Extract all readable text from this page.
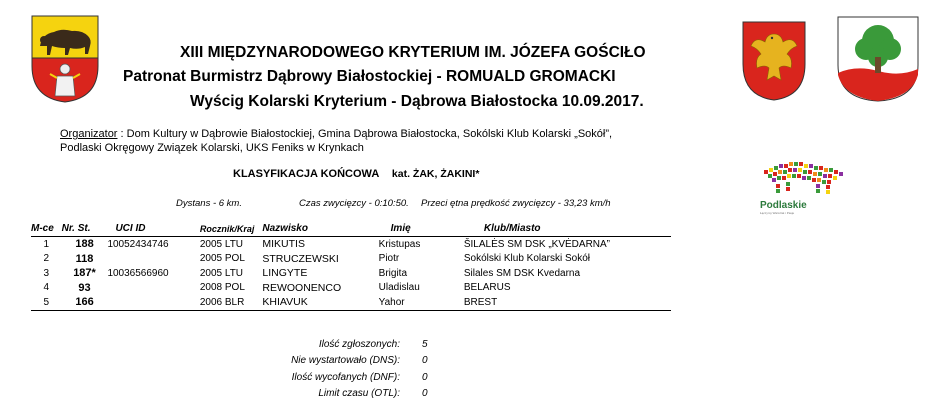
Podlaskie
Łączymy Warsztat i Pasje
XIII MIĘDZYNARODOWEGO KRYTERIUM IM. JÓZEFA GOŚCIŁO
Patronat Burmistrz Dąbrowy Białostockiej - ROMUALD GROMACKI
Wyścig Kolarski Kryterium - Dąbrowa Białostocka 10.09.2017.
Organizator : Dom Kultury w Dąbrowie Białostockiej, Gmina Dąbrowa Białostocka, Sokólski Klub Kolarski „Sokół”,
Podlaski Okręgowy Związek Kolarski, UKS Feniks w Krynkach
KLASYFIKACJA KOŃCOWA kat. ŻAK, ŻAKINI*
Dystans - 6 km.	Czas zwycięzcy - 0:10:50. Przeci ętna prędkość zwycięzcy - 33,23 km/h
M-ce	Nr. St.	UCI ID	Rocznik/Kraj	Nazwisko	Imię	Klub/Miasto
1	188	10052434746	2005 LTU	MIKUTIS	Kristupas	ŠILALĖS SM DSK „KVĖDARNA”
2	118		2005 POL	STRUCZEWSKI	Piotr	Sokólski Klub Kolarski Sokół
3	187*	10036566960	2005 LTU	LINGYTE	Brigita	Silales SM DSK Kvedarna
4	93		2008 POL	REWOONENCO	Uladislau	BELARUS
5	166		2006 BLR	KHIAVUK	Yahor	BREST
Ilość zgłoszonych: 5
Nie wystartowało (DNS): 0
Ilość wycofanych (DNF): 0
Limit czasu (OTL): 0
